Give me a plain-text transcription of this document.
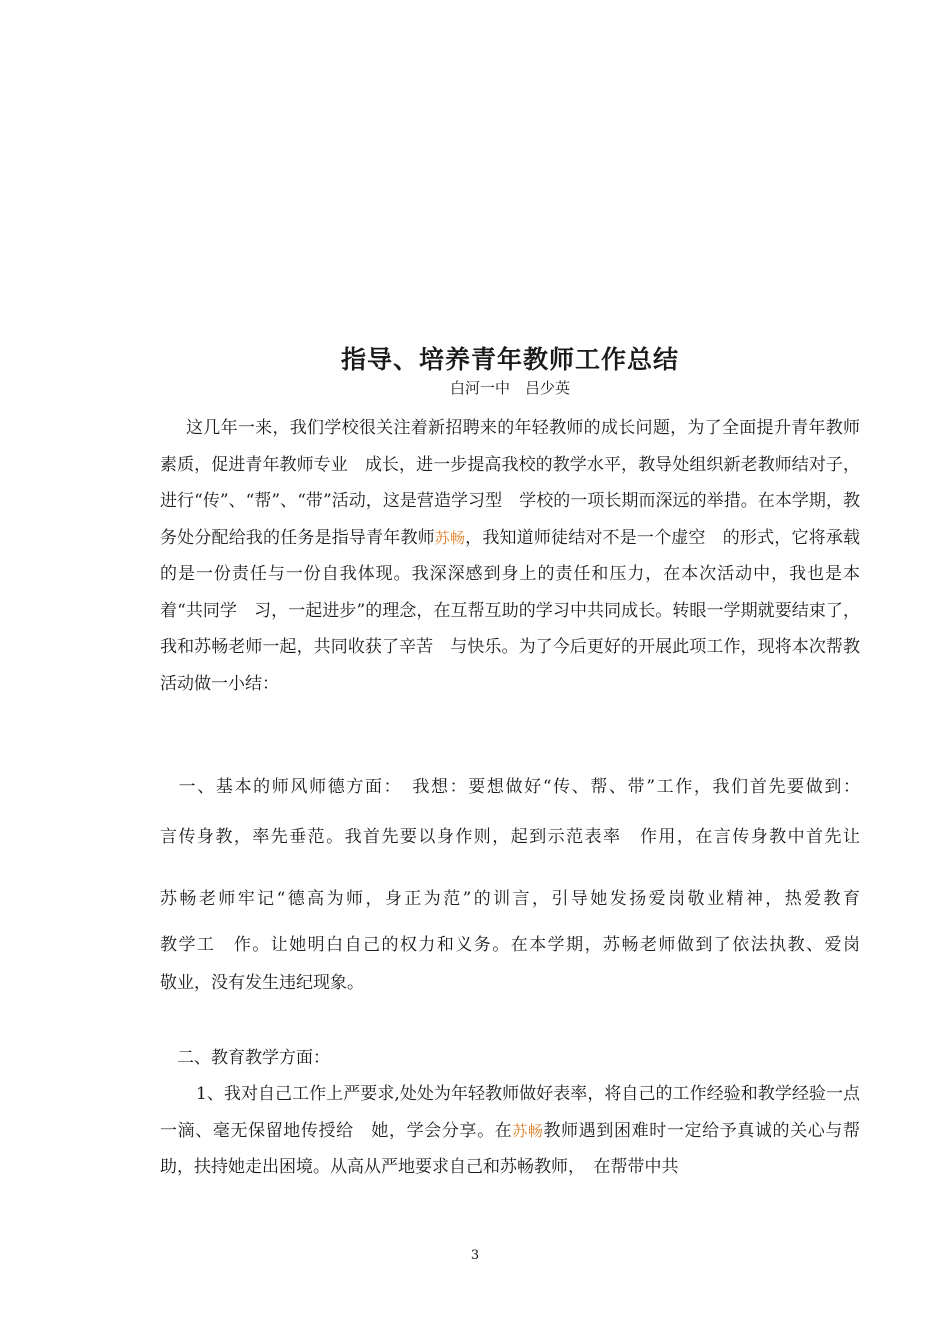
指导、培养青年教师工作总结
白河一中　吕少英

这几年一来，我们学校很关注着新招聘来的年轻教师的成长问题，为了全面提升青年教师素质，促进青年教师专业　成长，进一步提高我校的教学水平，教导处组织新老教师结对子，进行“传”、“帮”、“带”活动，这是营造学习型　学校的一项长期而深远的举措。在本学期，教务处分配给我的任务是指导青年教师苏畅，我知道师徒结对不是一个虚空　的形式，它将承载的是一份责任与一份自我体现。我深深感到身上的责任和压力，在本次活动中，我也是本着“共同学　习，一起进步”的理念，在互帮互助的学习中共同成长。转眼一学期就要结束了，我和苏畅老师一起，共同收获了辛苦　与快乐。为了今后更好的开展此项工作，现将本次帮教活动做一小结：

　一、基本的师风师德方面：　我想：要想做好“传、帮、带”工作，我们首先要做到：
言传身教，率先垂范。我首先要以身作则，起到示范表率　作用，在言传身教中首先让
苏畅老师牢记“德高为师，身正为范”的训言，引导她发扬爱岗敬业精神，热爱教育
教学工　作。让她明白自己的权力和义务。在本学期，苏畅老师做到了依法执教、爱岗
敬业，没有发生违纪现象。

　二、教育教学方面：

1、我对自己工作上严要求,处处为年轻教师做好表率，将自己的工作经验和教学经验一点一滴、毫无保留地传授给　她，学会分享。在苏畅教师遇到困难时一定给予真诚的关心与帮助，扶持她走出困境。从高从严地要求自己和苏畅教师，　在帮带中共

3
